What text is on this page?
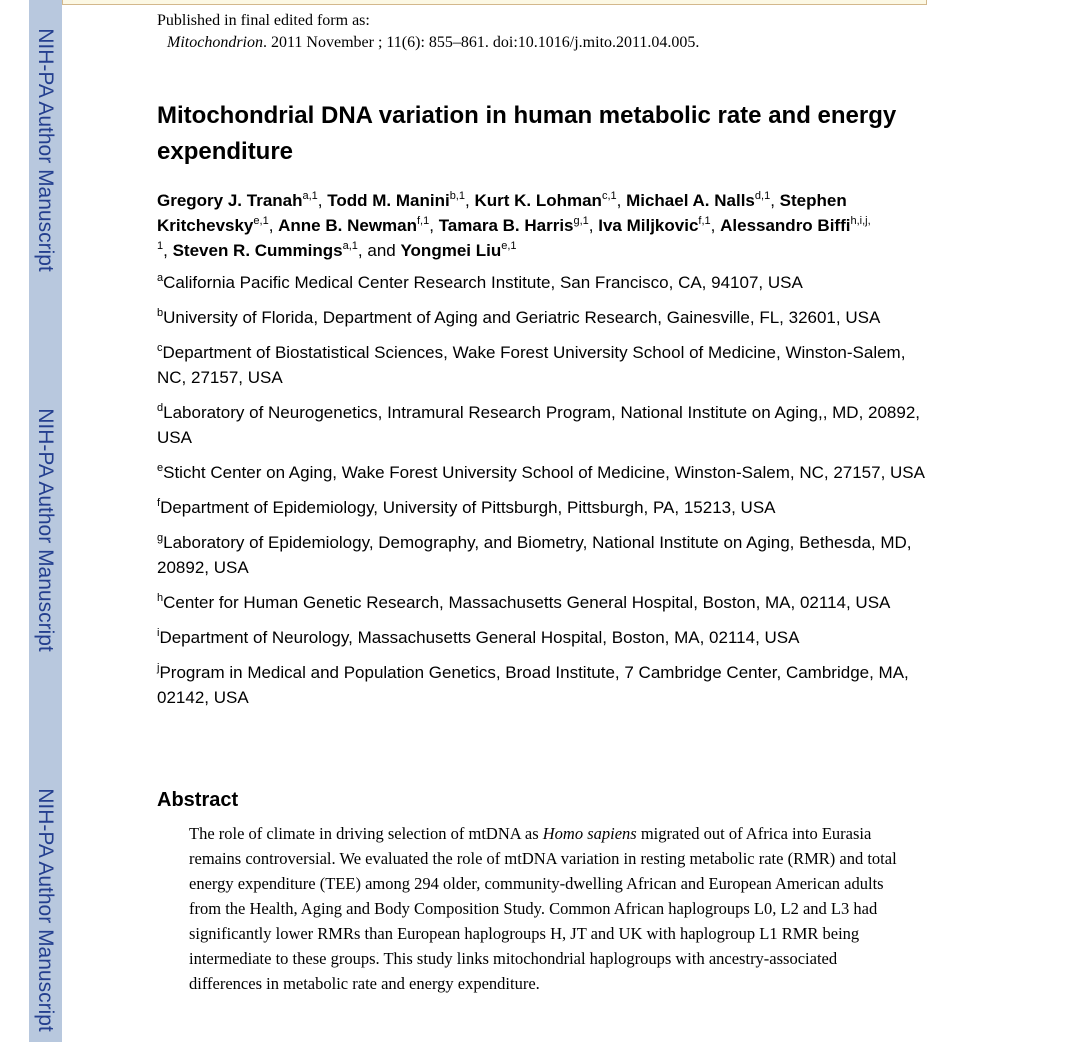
NIH-PA Author Manuscript
NIH-PA Author Manuscript
NIH-PA Author Manuscript
Published in final edited form as:
Mitochondrion. 2011 November ; 11(6): 855–861. doi:10.1016/j.mito.2011.04.005.
Mitochondrial DNA variation in human metabolic rate and energy expenditure
Gregory J. Tranah$^{a,1}$, Todd M. Manini$^{b,1}$, Kurt K. Lohman$^{c,1}$, Michael A. Nalls$^{d,1}$, Stephen Kritchevsky$^{e,1}$, Anne B. Newman$^{f,1}$, Tamara B. Harris$^{g,1}$, Iva Miljkovic$^{f,1}$, Alessandro Biffi$^{h,i,j,}$
$^1$, Steven R. Cummings$^{a,1}$, and Yongmei Liu$^{e,1}$
$^a$California Pacific Medical Center Research Institute, San Francisco, CA, 94107, USA
$^b$University of Florida, Department of Aging and Geriatric Research, Gainesville, FL, 32601, USA
$^c$Department of Biostatistical Sciences, Wake Forest University School of Medicine, Winston-Salem, NC, 27157, USA
$^d$Laboratory of Neurogenetics, Intramural Research Program, National Institute on Aging,, MD, 20892, USA
$^e$Sticht Center on Aging, Wake Forest University School of Medicine, Winston-Salem, NC, 27157, USA
$^f$Department of Epidemiology, University of Pittsburgh, Pittsburgh, PA, 15213, USA
$^g$Laboratory of Epidemiology, Demography, and Biometry, National Institute on Aging, Bethesda, MD, 20892, USA
$^h$Center for Human Genetic Research, Massachusetts General Hospital, Boston, MA, 02114, USA
$^i$Department of Neurology, Massachusetts General Hospital, Boston, MA, 02114, USA
$^j$Program in Medical and Population Genetics, Broad Institute, 7 Cambridge Center, Cambridge, MA, 02142, USA
Abstract

The role of climate in driving selection of mtDNA as Homo sapiens migrated out of Africa into Eurasia remains controversial. We evaluated the role of mtDNA variation in resting metabolic rate (RMR) and total energy expenditure (TEE) among 294 older, community-dwelling African and European American adults from the Health, Aging and Body Composition Study. Common African haplogroups L0, L2 and L3 had significantly lower RMRs than European haplogroups H, JT and UK with haplogroup L1 RMR being intermediate to these groups. This study links mitochondrial haplogroups with ancestry-associated differences in metabolic rate and energy expenditure.
